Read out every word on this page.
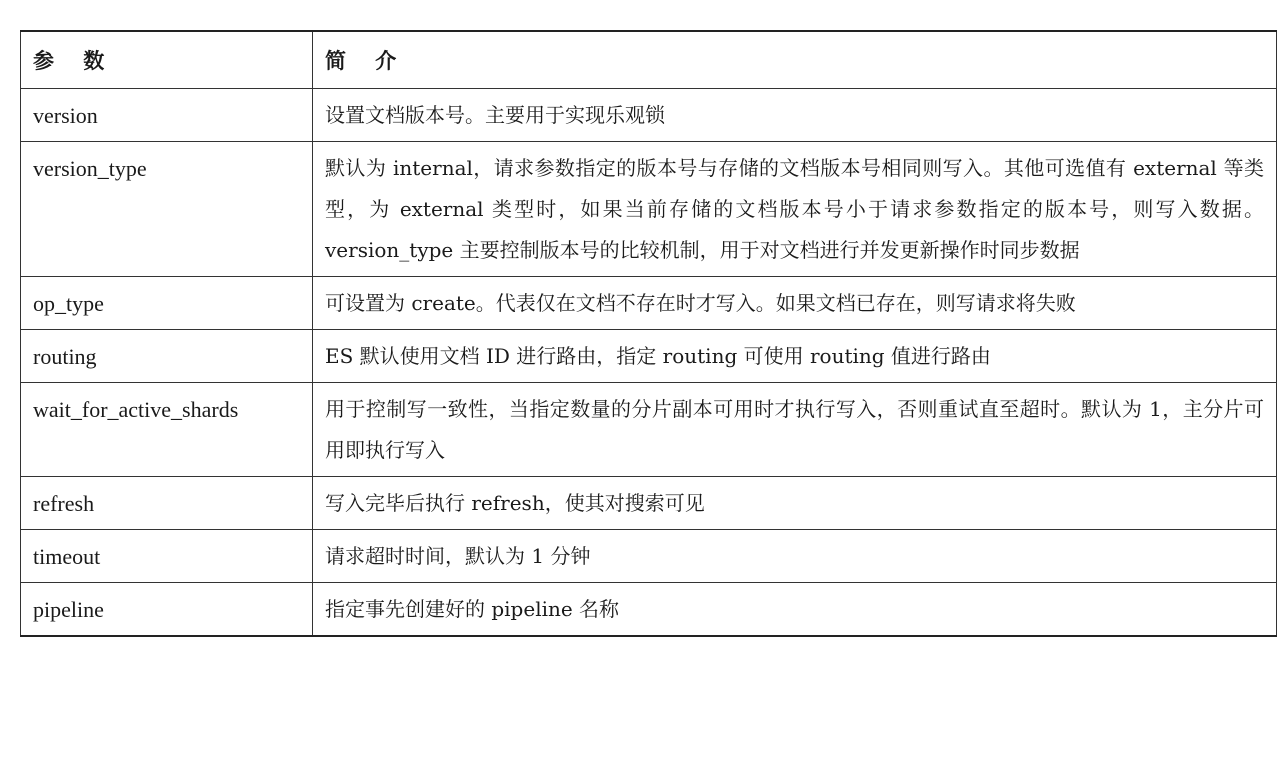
参    数	简    介
version	设置文档版本号。主要用于实现乐观锁
version_type	默认为 internal，请求参数指定的版本号与存储的文档版本号相同则写入。其他可选值有 external 等类型，为 external 类型时，如果当前存储的文档版本号小于请求参数指定的版本号，则写入数据。version_type 主要控制版本号的比较机制，用于对文档进行并发更新操作时同步数据
op_type	可设置为 create。代表仅在文档不存在时才写入。如果文档已存在，则写请求将失败
routing	ES 默认使用文档 ID 进行路由，指定 routing 可使用 routing 值进行路由
wait_for_active_shards	用于控制写一致性，当指定数量的分片副本可用时才执行写入，否则重试直至超时。默认为 1，主分片可用即执行写入
refresh	写入完毕后执行 refresh，使其对搜索可见
timeout	请求超时时间，默认为 1 分钟
pipeline	指定事先创建好的 pipeline 名称
